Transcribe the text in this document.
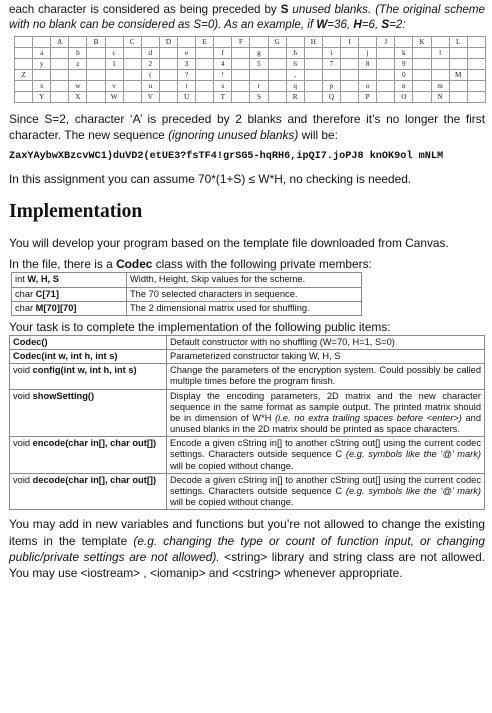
each character is considered as being preceded by S unused blanks. (The original scheme with no blank can be considered as S=0). As an example, if W=36, H=6, S=2:

		A		B		C		D		E		F		G		H		I		J		K		L	
	a		b		c		d		e		f		g		h		i		j		k		l		
	y		z		1		2		3		4		5		6		7		8		9				
Z							(		?		!				,						0			M	
	x		w		v		u		t		s		r		q		p		o		n		m		
	Y		X		W		V		U		T		S		R		Q		P		O		N		

Since S=2, character ‘A’ is preceded by 2 blanks and therefore it’s no longer the first character. The new sequence (ignoring unused blanks) will be:

ZaxYAybwXBzcvWC1)duVD2(etUE3?fsTF4!grSG5-hqRH6,ipQI7.joPJ8 knOK9ol mNLM

In this assignment you can assume 70*(1+S) ≤ W*H, no checking is needed.

Implementation

You will develop your program based on the template file downloaded from Canvas.

In the file, there is a Codec class with the following private members:

int W, H, S	Width, Height, Skip values for the scheme.
char C[71]	The 70 selected characters in sequence.
char M[70][70]	The 2 dimensional matrix used for shuffling.

Your task is to complete the implementation of the following public items:

Codec()	Default constructor with no shuffling (W=70, H=1, S=0)
Codec(int w, int h, int s)	Parameterized constructor taking W, H, S
void config(int w, int h, int s)	Change the parameters of the encryption system. Could possibly be called multiple times before the program finish.
void showSetting()	Display the encoding parameters, 2D matrix and the new character sequence in the same format as sample output. The printed matrix should be in dimension of W*H (i.e. no extra trailing spaces before <enter>) and unused blanks in the 2D matrix should be printed as space characters.
void encode(char in[], char out[])	Encode a given cString in[] to another cString out[] using the current codec settings. Characters outside sequence C (e.g. symbols like the ‘@’ mark) will be copied without change.
void decode(char in[], char out[])	Decode a given cString in[] to another cString out[] using the current codec settings. Characters outside sequence C (e.g. symbols like the ‘@’ mark) will be copied without change.

You may add in new variables and functions but you’re not allowed to change the existing items in the template (e.g. changing the type or count of function input, or changing public/private settings are not allowed). <string> library and string class are not allowed. You may use <iostream> , <iomanip> and <cstring> whenever appropriate.
